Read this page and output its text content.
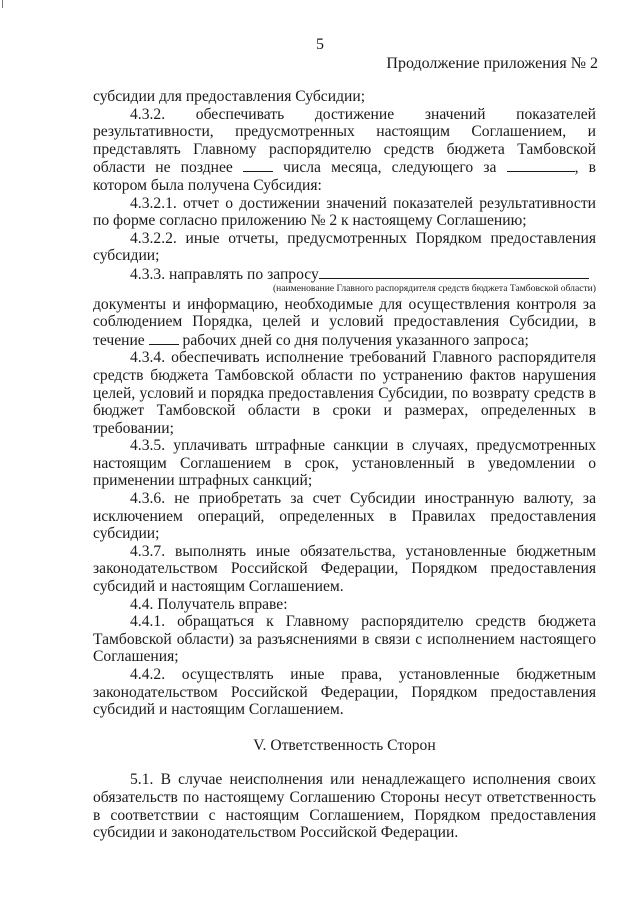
5
Продолжение приложения № 2

субсидии для предоставления Субсидии;

4.3.2. обеспечивать достижение значений показателей результативности, предусмотренных настоящим Соглашением, и представлять Главному распорядителю средств бюджета Тамбовской области не позднее	числа месяца, следующего за	, в котором была получена Субсидия:

4.3.2.1. отчет о достижении значений показателей результативности по форме согласно приложению № 2 к настоящему Соглашению;

4.3.2.2. иные отчеты, предусмотренных Порядком предоставления субсидии;

4.3.3. направлять по запросу

(наименование Главного распорядителя средств бюджета Тамбовской области)

документы и информацию, необходимые для осуществления контроля за соблюдением Порядка, целей и условий предоставления Субсидии, в течение рабочих дней со дня получения указанного запроса;

4.3.4. обеспечивать исполнение требований Главного распорядителя средств бюджета Тамбовской области по устранению фактов нарушения целей, условий и порядка предоставления Субсидии, по возврату средств в бюджет Тамбовской области в сроки и размерах, определенных в требовании;

4.3.5. уплачивать штрафные санкции в случаях, предусмотренных настоящим Соглашением в срок, установленный в уведомлении о применении штрафных санкций;

4.3.6. не приобретать за счет Субсидии иностранную валюту, за исключением операций, определенных в Правилах предоставления субсидии;

4.3.7. выполнять иные обязательства, установленные бюджетным законодательством Российской Федерации, Порядком предоставления субсидий и настоящим Соглашением.

4.4. Получатель вправе:

4.4.1. обращаться к Главному распорядителю средств бюджета Тамбовской области) за разъяснениями в связи с исполнением настоящего Соглашения;

4.4.2. осуществлять иные права, установленные бюджетным законодательством Российской Федерации, Порядком предоставления субсидий и настоящим Соглашением.

V. Ответственность Сторон

5.1. В случае неисполнения или ненадлежащего исполнения своих обязательств по настоящему Соглашению Стороны несут ответственность в соответствии с настоящим Соглашением, Порядком предоставления субсидии и законодательством Российской Федерации.
